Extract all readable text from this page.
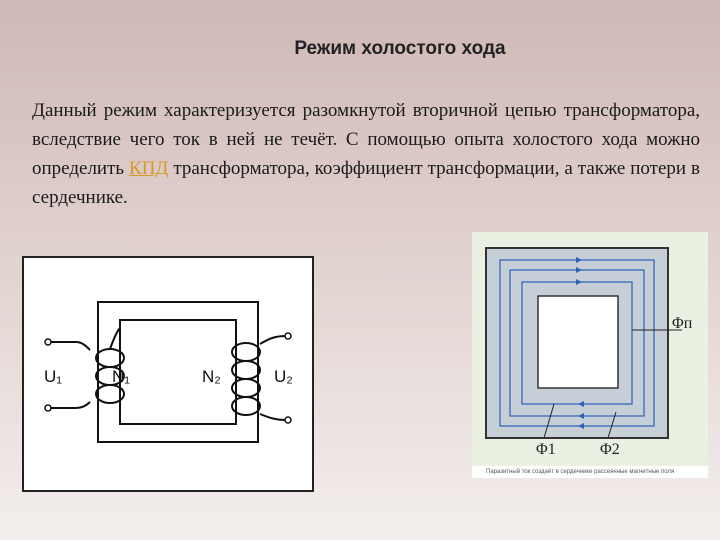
Режим холостого хода
Данный режим характеризуется разомкнутой вторичной цепью трансформатора, вследствие чего ток в ней не течёт. С помощью опыта холостого хода можно определить КПД трансформатора, коэффициент трансформации, а также потери в сердечнике.
U₁	N₁	N₂	U₂
Φп
Φ1	Φ2
Паразитный ток создаёт в сердечнике рассеянные магнитные поля
